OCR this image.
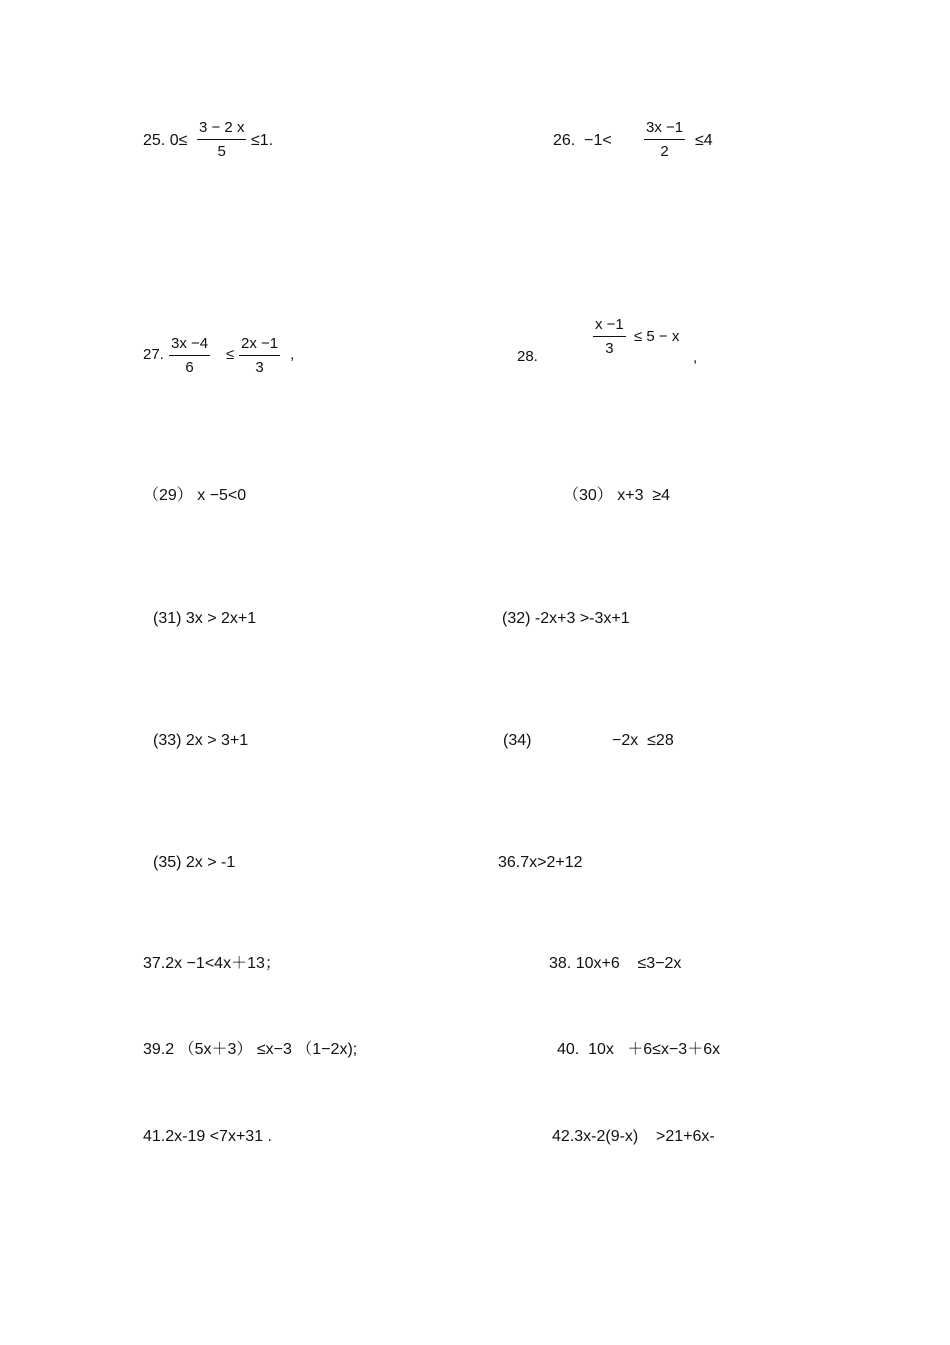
25. 0≤
3 − 2 x
5
≤1.	26.  −1<
3x −1
2
≤4
27.
3x −4
6
≤
2x −1
3
,	28.
x −1
3
≤ 5 − x
,
（29） x −5<0	（30） x+3  ≥4
(31) 3x > 2x+1	(32) -2x+3 >-3x+1
(33) 2x > 3+1	(34)	−2x  ≤28
(35) 2x > -1	36.7x>2+12
37.2x −1<4x＋13；	38. 10x+6    ≤3−2x
39.2 （5x＋3） ≤x−3 （1−2x);	40.  10x   ＋6≤x−3＋6x
41.2x-19 <7x+31 .	42.3x-2(9-x)    >21+6x-
